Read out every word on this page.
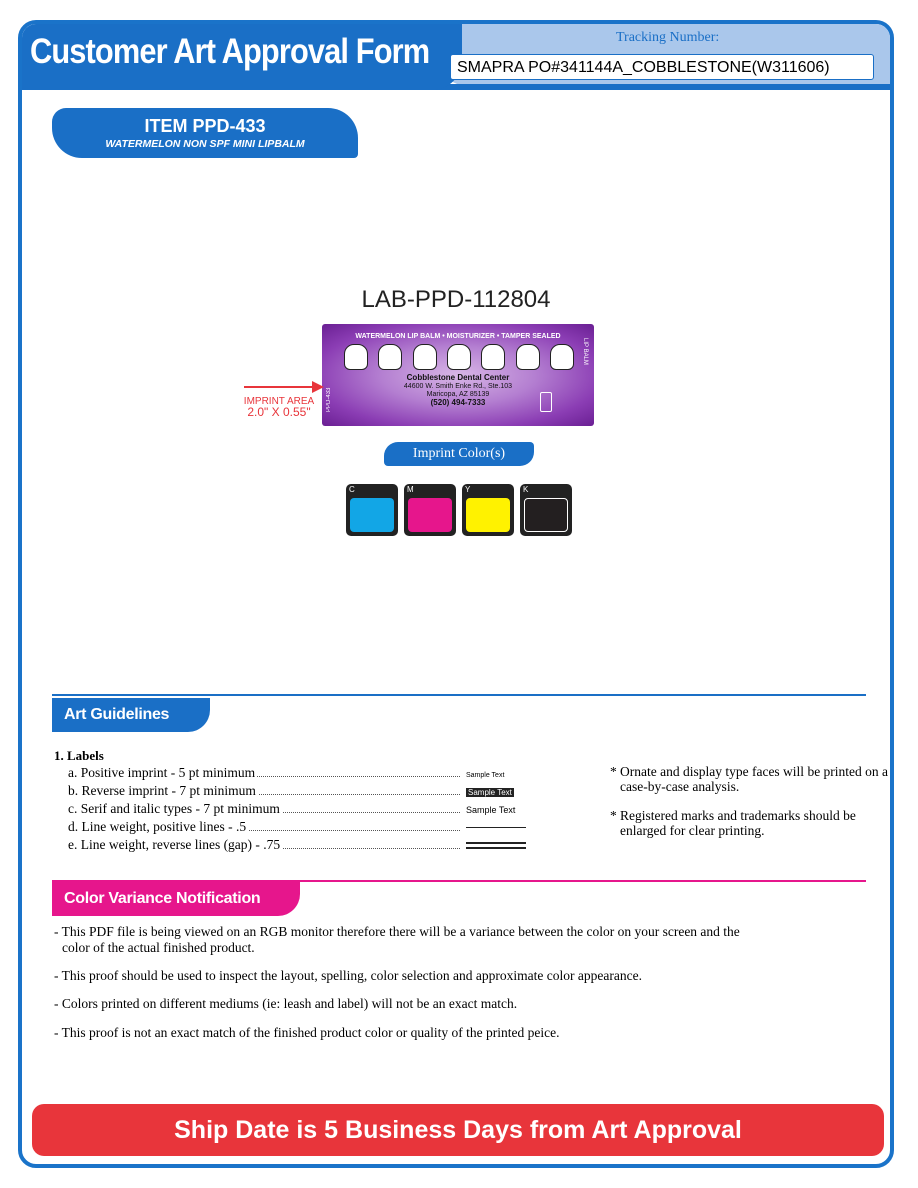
Customer Art Approval Form	Tracking Number:
SMAPRA PO#341144A_COBBLESTONE(W311606)
ITEM PPD-433
WATERMELON NON SPF MINI LIPBALM
LAB-PPD-112804
PPD-433
WATERMELON LIP BALM • MOISTURIZER • TAMPER SEALED
Cobblestone Dental Center
44600 W. Smith Enke Rd., Ste.103
Maricopa, AZ 85139
(520) 494-7333
LIP BALM
IMPRINT AREA
2.0" X 0.55"
Imprint Color(s)
C	M	Y	K
Art Guidelines
1. Labels
a. Positive imprint - 5 pt minimum	Sample Text
b. Reverse imprint - 7 pt minimum	Sample Text
c. Serif and italic types - 7 pt minimum	Sample Text
d. Line weight, positive lines - .5
e. Line weight, reverse lines (gap) - .75
* Ornate and display type faces will be printed on a case-by-case analysis.
* Registered marks and trademarks should be enlarged for clear printing.
Color Variance Notification
- This PDF file is being viewed on an RGB monitor therefore there will be a variance between the color on your screen and the color of the actual finished product.
- This proof should be used to inspect the layout, spelling, color selection and approximate color appearance.
- Colors printed on different mediums (ie: leash and label) will not be an exact match.
- This proof is not an exact match of the finished product color or quality of the printed peice.
Ship Date is 5 Business Days from Art Approval
